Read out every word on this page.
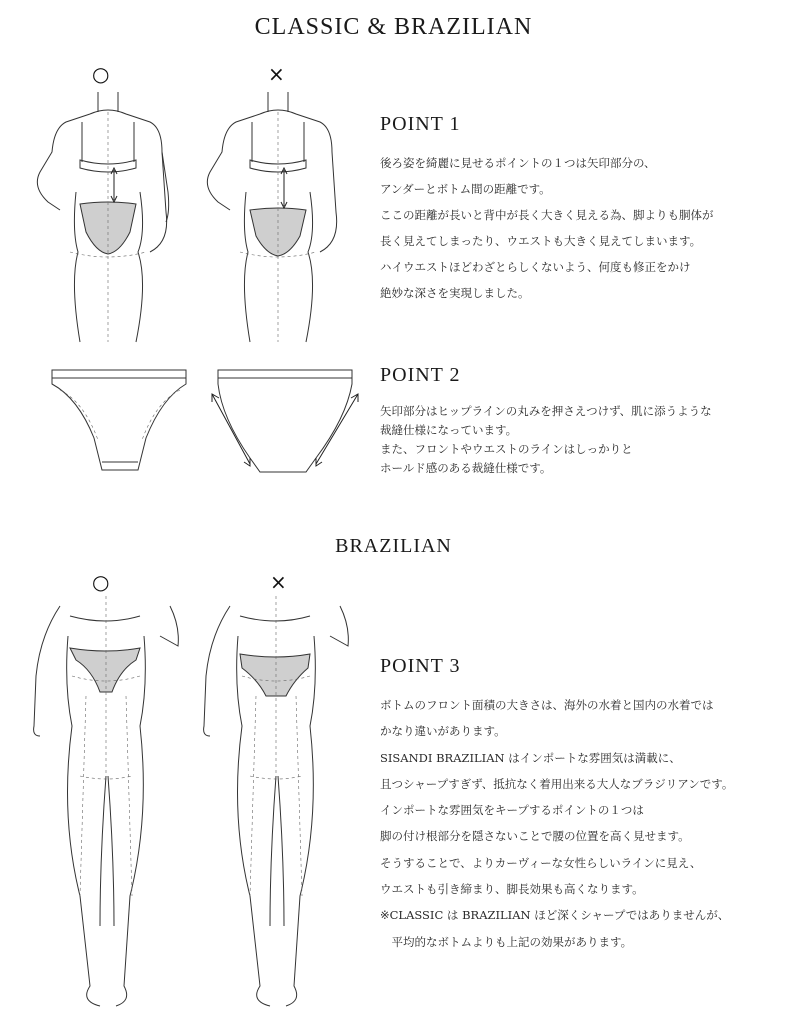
CLASSIC & BRAZILIAN
○	×
POINT 1
後ろ姿を綺麗に見せるポイントの１つは矢印部分の、
アンダーとボトム間の距離です。
ここの距離が長いと背中が長く大きく見える為、脚よりも胴体が
長く見えてしまったり、ウエストも大きく見えてしまいます。
ハイウエストほどわざとらしくないよう、何度も修正をかけ
絶妙な深さを実現しました。
POINT 2
矢印部分はヒップラインの丸みを押さえつけず、肌に添うような
裁縫仕様になっています。
また、フロントやウエストのラインはしっかりと
ホールド感のある裁縫仕様です。
BRAZILIAN
○	×
POINT 3
ボトムのフロント面積の大きさは、海外の水着と国内の水着では
かなり違いがあります。
SISANDI BRAZILIAN はインポートな雰囲気は満載に、
且つシャープすぎず、抵抗なく着用出来る大人なブラジリアンです。
インポートな雰囲気をキープするポイントの１つは
脚の付け根部分を隠さないことで腰の位置を高く見せます。
そうすることで、よりカーヴィーな女性らしいラインに見え、
ウエストも引き締まり、脚長効果も高くなります。
※CLASSIC は BRAZILIAN ほど深くシャープではありませんが、
　平均的なボトムよりも上記の効果があります。
